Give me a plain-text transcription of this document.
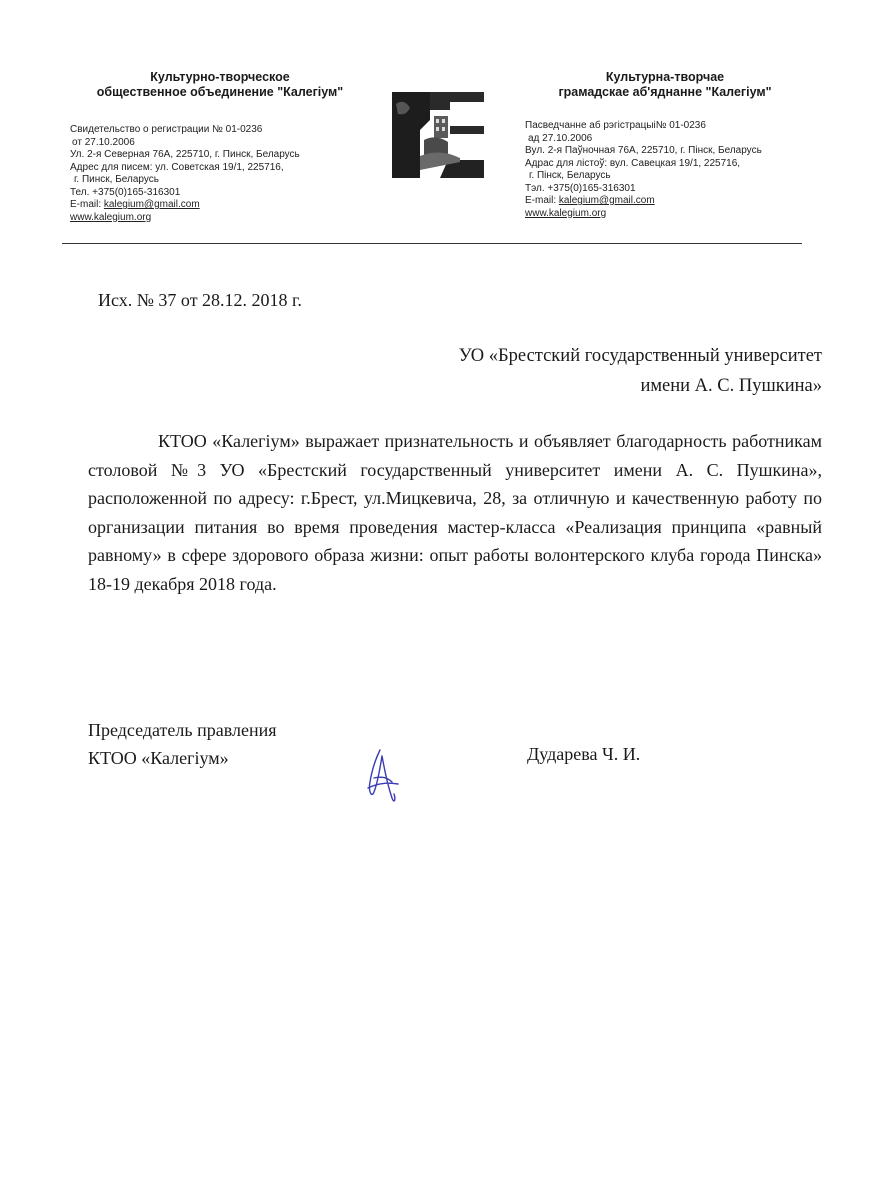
Культурно-творческое
общественное объединение "Калегіум"
Свидетельство о регистрации № 01-0236
от 27.10.2006
Ул. 2-я Северная 76А, 225710, г. Пинск, Беларусь
Адрес для писем: ул. Советская 19/1, 225716,
г. Пинск, Беларусь
Тел. +375(0)165-316301
E-mail: kalegium@gmail.com
www.kalegium.org
Культурна-творчае
грамадскае аб'яднанне "Калегіум"
Пасведчанне аб рэгістрацыі№ 01-0236
ад 27.10.2006
Вул. 2-я Паўночная 76А, 225710, г. Пінск, Беларусь
Адрас для лістоў: вул. Савецкая 19/1, 225716,
г. Пінск, Беларусь
Тэл. +375(0)165-316301
E-mail: kalegium@gmail.com
www.kalegium.org
Исх. № 37 от 28.12. 2018 г.
УО «Брестский государственный университет
имени А. С. Пушкина»
КТОО «Калегіум» выражает признательность и объявляет благодарность работникам столовой №3 УО «Брестский государственный университет имени А. С. Пушкина», расположенной по адресу: г.Брест, ул.Мицкевича, 28, за отличную и качественную работу по организации питания во время проведения мастер-класса «Реализация принципа «равный равному» в сфере здорового образа жизни: опыт работы волонтерского клуба города Пинска» 18-19 декабря 2018 года.
Председатель правления
КТОО «Калегіум»	Дударева Ч. И.
